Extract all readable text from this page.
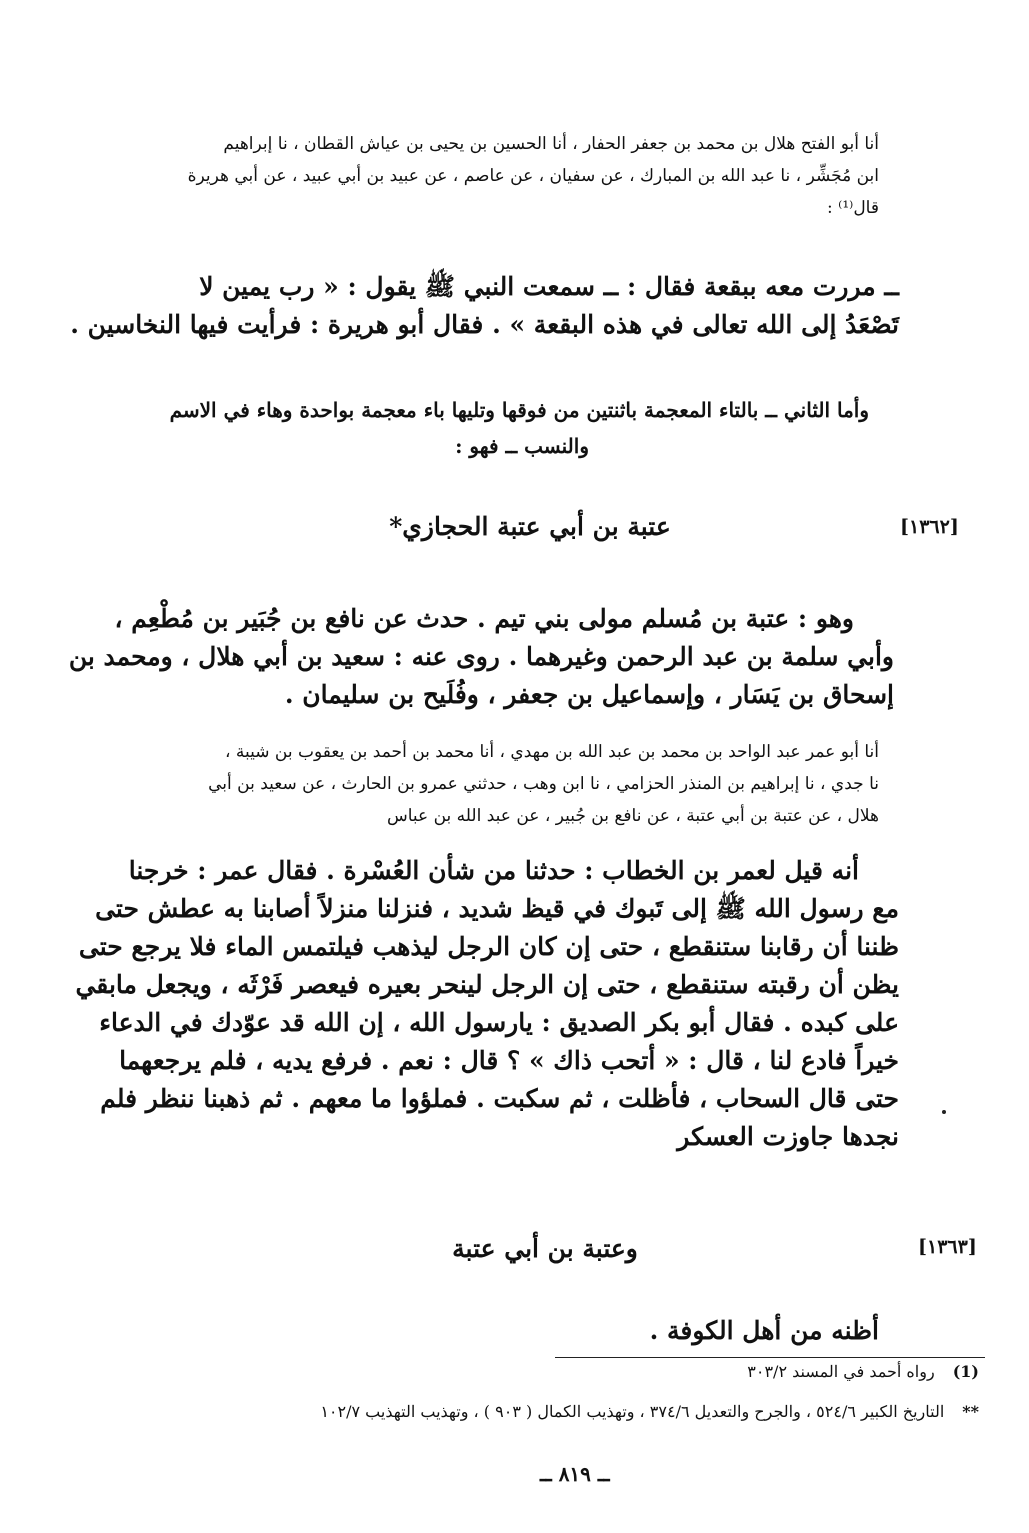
أنا أبو الفتح هلال بن محمد بن جعفر الحفار ، أنا الحسين بن يحيى بن عياش القطان ، نا إبراهيم
ابن مُجَشِّر ، نا عبد الله بن المبارك ، عن سفيان ، عن عاصم ، عن عبيد بن أبي عبيد ، عن أبي هريرة
قال⁽¹⁾ :
ــ مررت معه ببقعة فقال : ــ سمعت النبي ﷺ يقول : « رب يمين لا
تَصْعَدُ إلى الله تعالى في هذه البقعة » . فقال أبو هريرة : فرأيت فيها النخاسين .
وأما الثاني ــ بالتاء المعجمة باثنتين من فوقها وتليها باء معجمة بواحدة وهاء في الاسم
والنسب ــ فهو :
[١٣٦٢]
عتبة بن أبي عتبة الحجازي*
وهو : عتبة بن مُسلم مولى بني تيم . حدث عن نافع بن جُبَير بن مُطْعِم ،
وأبي سلمة بن عبد الرحمن وغيرهما . روى عنه : سعيد بن أبي هلال ، ومحمد بن
إسحاق بن يَسَار ، وإسماعيل بن جعفر ، وفُلَيح بن سليمان .
أنا أبو عمر عبد الواحد بن محمد بن عبد الله بن مهدي ، أنا محمد بن أحمد بن يعقوب بن شيبة ،
نا جدي ، نا إبراهيم بن المنذر الحزامي ، نا ابن وهب ، حدثني عمرو بن الحارث ، عن سعيد بن أبي
هلال ، عن عتبة بن أبي عتبة ، عن نافع بن جُبير ، عن عبد الله بن عباس
أنه قيل لعمر بن الخطاب : حدثنا من شأن العُسْرة . فقال عمر : خرجنا
مع رسول الله ﷺ إلى تَبوك في قيظ شديد ، فنزلنا منزلاً أصابنا به عطش حتى
ظننا أن رقابنا ستنقطع ، حتى إن كان الرجل ليذهب فيلتمس الماء فلا يرجع حتى
يظن أن رقبته ستنقطع ، حتى إن الرجل لينحر بعيره فيعصر فَرْثَه ، ويجعل مابقي
على كبده . فقال أبو بكر الصديق : يارسول الله ، إن الله قد عوّدك في الدعاء
خيراً فادع لنا ، قال : « أتحب ذاك » ؟ قال : نعم . فرفع يديه ، فلم يرجعهما
حتى قال السحاب ، فأظلت ، ثم سكبت . فملؤوا ما معهم . ثم ذهبنا ننظر فلم
نجدها جاوزت العسكر
[١٣٦٣]
وعتبة بن أبي عتبة
أظنه من أهل الكوفة .
(1)رواه أحمد في المسند ٣٠٣/٢
**التاريخ الكبير ٥٢٤/٦ ، والجرح والتعديل ٣٧٤/٦ ، وتهذيب الكمال ( ٩٠٣ ) ، وتهذيب التهذيب ١٠٢/٧
ــ ٨١٩ ــ
